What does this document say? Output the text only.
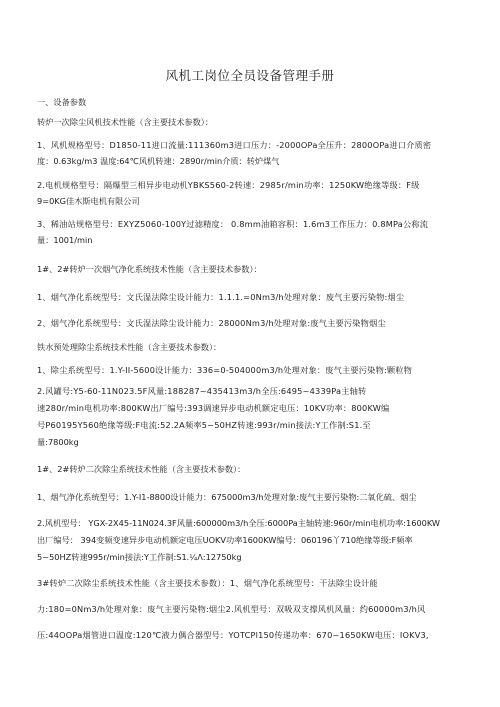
风机工岗位全员设备管理手册
一、设备参数
转炉一次除尘风机技术性能（含主要技术参数）：
1、风机规格型号：D1850-11进口流量:111360m3进口压力：-2000OPa全压升：2800OPa进口介质密
度：0.63kg/m3 温度:64℃风机转速：2890r/min介质：转炉煤气
2.电机规格型号：隔爆型三相异步电动机YBKS560-2转速：2985r/min功率：1250KW绝缘等级：F级
9=0KG佳木斯电机有限公司
3、稀油站规格型号：EXYZ5060-100Y过滤精度： 0.8mm油箱容积：1.6m3工作压力：0.8MPa公称流
量：1001/min
1#、2#转炉一次烟气净化系统技术性能（含主要技术参数）：
1、烟气净化系统型号：文氏湿法除尘设计能力：1.1.1.=0Nm3/h处理对象：废气主要污染物:烟尘
2、烟气净化系统型号：文氏湿法除尘设计能力：28000Nm3/h处理对象:废气主要污染物烟尘
铁水预处理除尘系统技术性能（含主要技术参数）：
1、除尘系统型号：1.Y-II-5600设计能力：336=0-504000m3/h处理对象：废气主要污染物:颗粒物
2.风罐号:Y5-60-11N023.5F风量:188287~435413m3/h全压:6495~4339Pa主轴转
速280r/min电机功率:800KW出厂编号:393调速异步电动机额定电压：10KV功率：800KW编
号P60195Y560绝缘等级:F电流:52.2A频率5~50HZ转速:993r/min接法:Y工作制:S1.至
量:7800kg
1#、2#转炉二次除尘系统技术性能（含主要技术参数）：
1、烟气净化系统型号：1.Y-I1-8800设计能力：675000m3/h处理对象:废气主要污染物:二氧化硫、烟尘
2.风机型号： YGX-2X45-11N024.3F风量:600000m3/h全压:6000Pa主轴转速:960r/min电机功率:1600KW
出厂编号： 394变频变速异步电动机额定电压UOKV功率1600KW编号：060196丫710绝缘等级:F频率
5~50HZ转速995r/min接法:Y工作制:S1.¼Λ:12750kg
3#转炉二次除尘系统技术性能（含主要技术参数）：1、烟气净化系统型号：干法除尘设计能
力:180=0Nm3/h处理对象：废气主要污染物:烟尘2.风机型号：双吸双支撑风机风量：约60000m3/h风
压:44OOPa烟管进口温度:120℃液力偶合器型号：YOTCPl150传递功率：670~1650KW电压：IOKV3,
